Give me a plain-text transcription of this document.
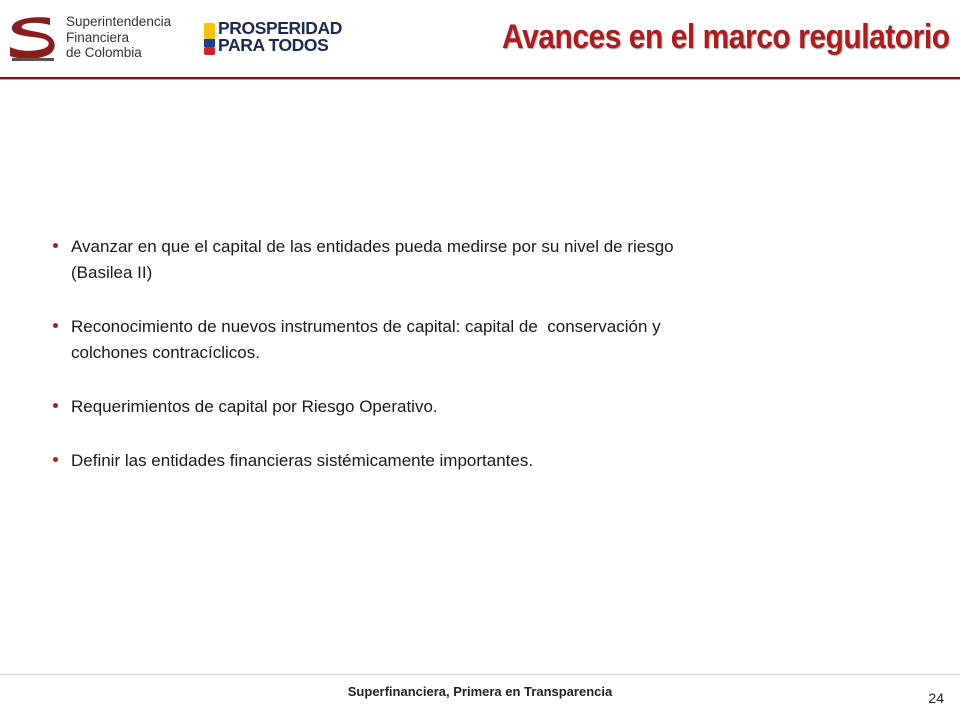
Superintendencia
Financiera
de Colombia
PROSPERIDAD
PARA TODOS	Avances en el marco regulatorio
Avanzar en que el capital de las entidades pueda medirse por su nivel de riesgo
(Basilea II)
Reconocimiento de nuevos instrumentos de capital: capital de  conservación y
colchones contracíclicos.
Requerimientos de capital por Riesgo Operativo.
Definir las entidades financieras sistémicamente importantes.
Superfinanciera, Primera en Transparencia	24
